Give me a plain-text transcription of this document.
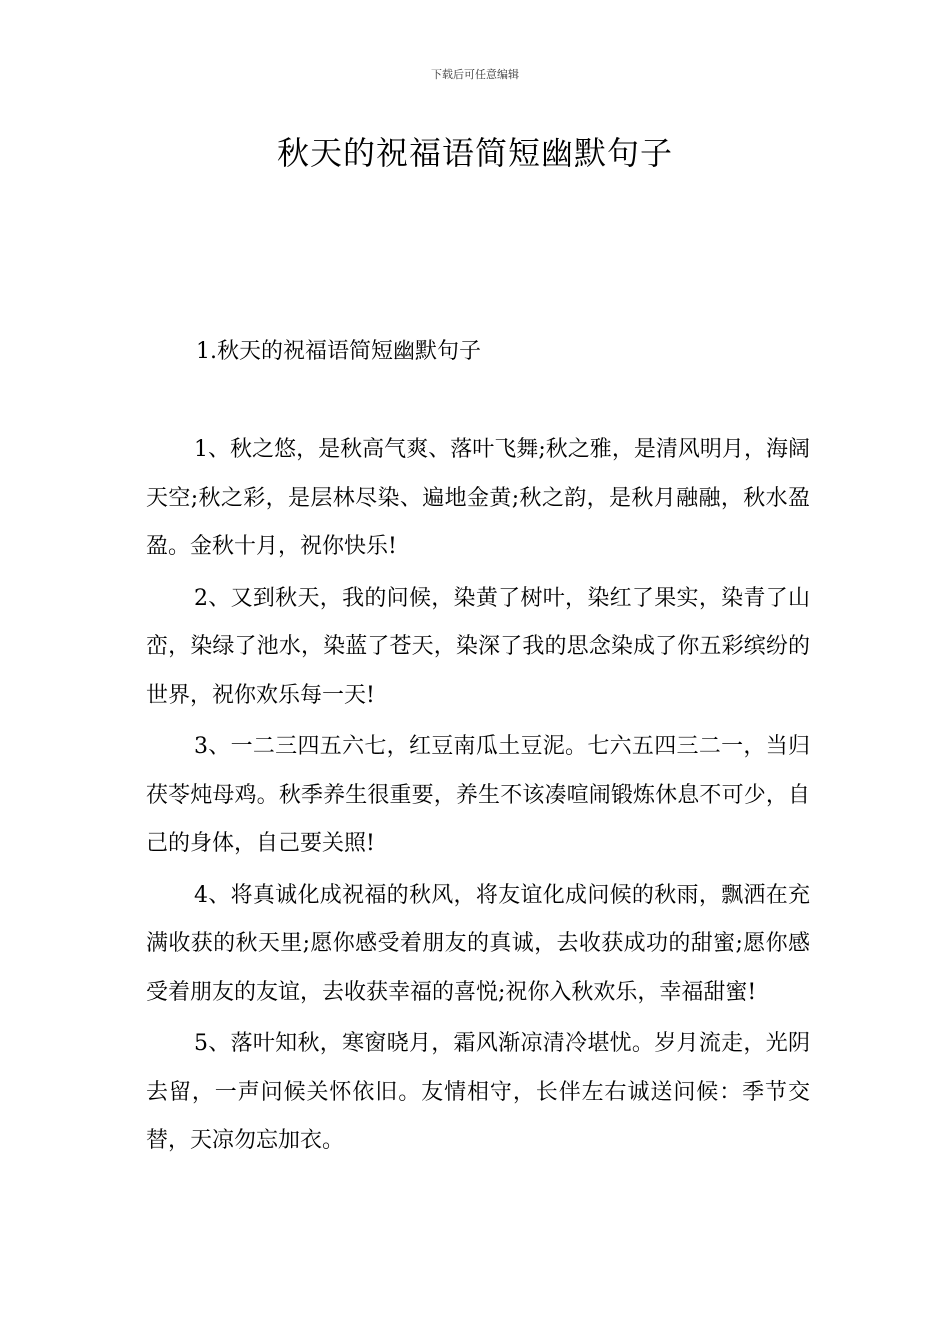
下载后可任意编辑
秋天的祝福语简短幽默句子
1.秋天的祝福语简短幽默句子

1、秋之悠，是秋高气爽、落叶飞舞;秋之雅，是清风明月，海阔天空;秋之彩，是层林尽染、遍地金黄;秋之韵，是秋月融融，秋水盈盈。金秋十月，祝你快乐!

2、又到秋天，我的问候，染黄了树叶，染红了果实，染青了山峦，染绿了池水，染蓝了苍天，染深了我的思念染成了你五彩缤纷的世界，祝你欢乐每一天!

3、一二三四五六七，红豆南瓜土豆泥。七六五四三二一，当归茯苓炖母鸡。秋季养生很重要，养生不该凑喧闹锻炼休息不可少，自己的身体，自己要关照!

4、将真诚化成祝福的秋风，将友谊化成问候的秋雨，飘洒在充满收获的秋天里;愿你感受着朋友的真诚，去收获成功的甜蜜;愿你感受着朋友的友谊，去收获幸福的喜悦;祝你入秋欢乐，幸福甜蜜!

5、落叶知秋，寒窗晓月，霜风渐凉清冷堪忧。岁月流走，光阴去留，一声问候关怀依旧。友情相守，长伴左右诚送问候：季节交替，天凉勿忘加衣。
